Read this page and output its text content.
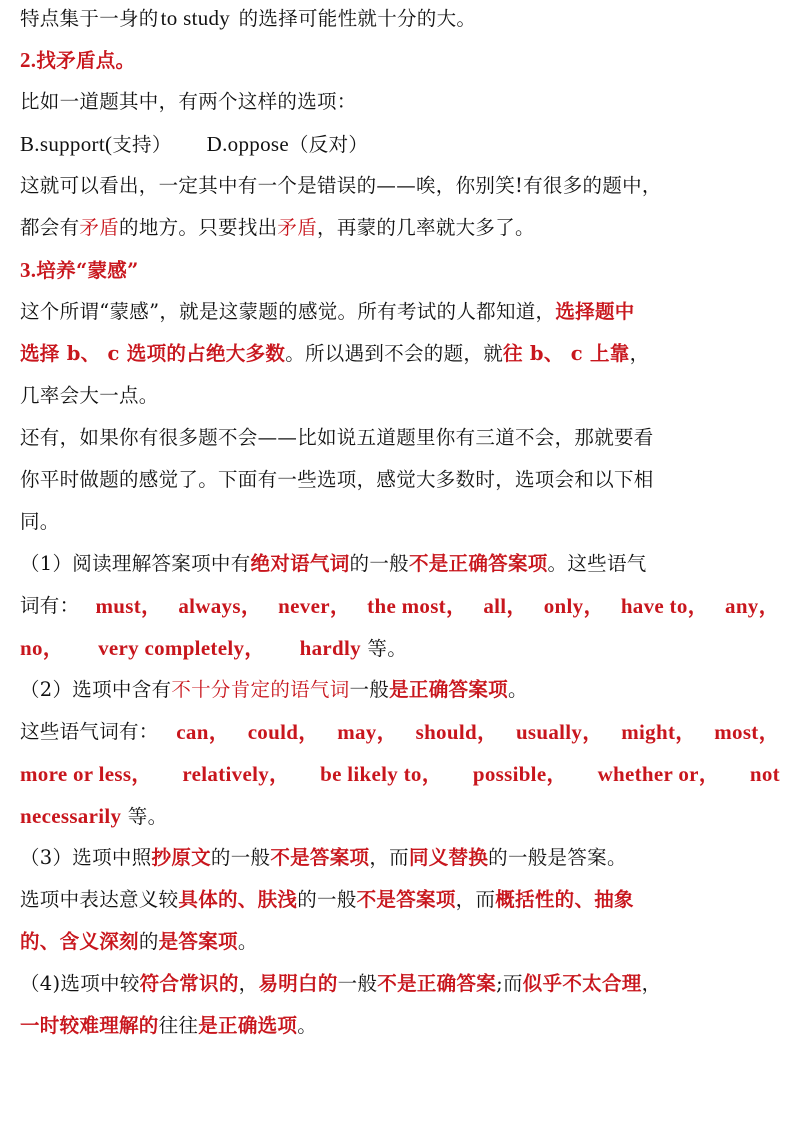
特点集于一身的to study 的选择可能性就十分的大。
2.找矛盾点。
比如一道题其中，有两个这样的选项：
B.support(支持） D.oppose（反对）
这就可以看出，一定其中有一个是错误的——唉，你别笑!有很多的题中，
都会有矛盾的地方。只要找出矛盾，再蒙的几率就大多了。
3.培养“蒙感”
这个所谓“蒙感”，就是这蒙题的感觉。所有考试的人都知道，选择题中
选择 b、 c 选项的占绝大多数。所以遇到不会的题，就往 b、 c 上靠，
几率会大一点。
还有，如果你有很多题不会——比如说五道题里你有三道不会，那就要看
你平时做题的感觉了。下面有一些选项，感觉大多数时，选项会和以下相
同。
（1）阅读理解答案项中有绝对语气词的一般不是正确答案项。这些语气
词有： must， always， never， the most， all， only， have to， any，
no， very completely， hardly 等。
（2）选项中含有不十分肯定的语气词一般是正确答案项。
这些语气词有： can， could， may， should， usually， might， most，
more or less， relatively， be likely to， possible， whether or， not
necessarily 等。
（3）选项中照抄原文的一般不是答案项，而同义替换的一般是答案。
选项中表达意义较具体的、肤浅的一般不是答案项，而概括性的、抽象
的、含义深刻的是答案项。
（4)选项中较符合常识的，易明白的一般不是正确答案;而似乎不太合理，
一时较难理解的往往是正确选项。
